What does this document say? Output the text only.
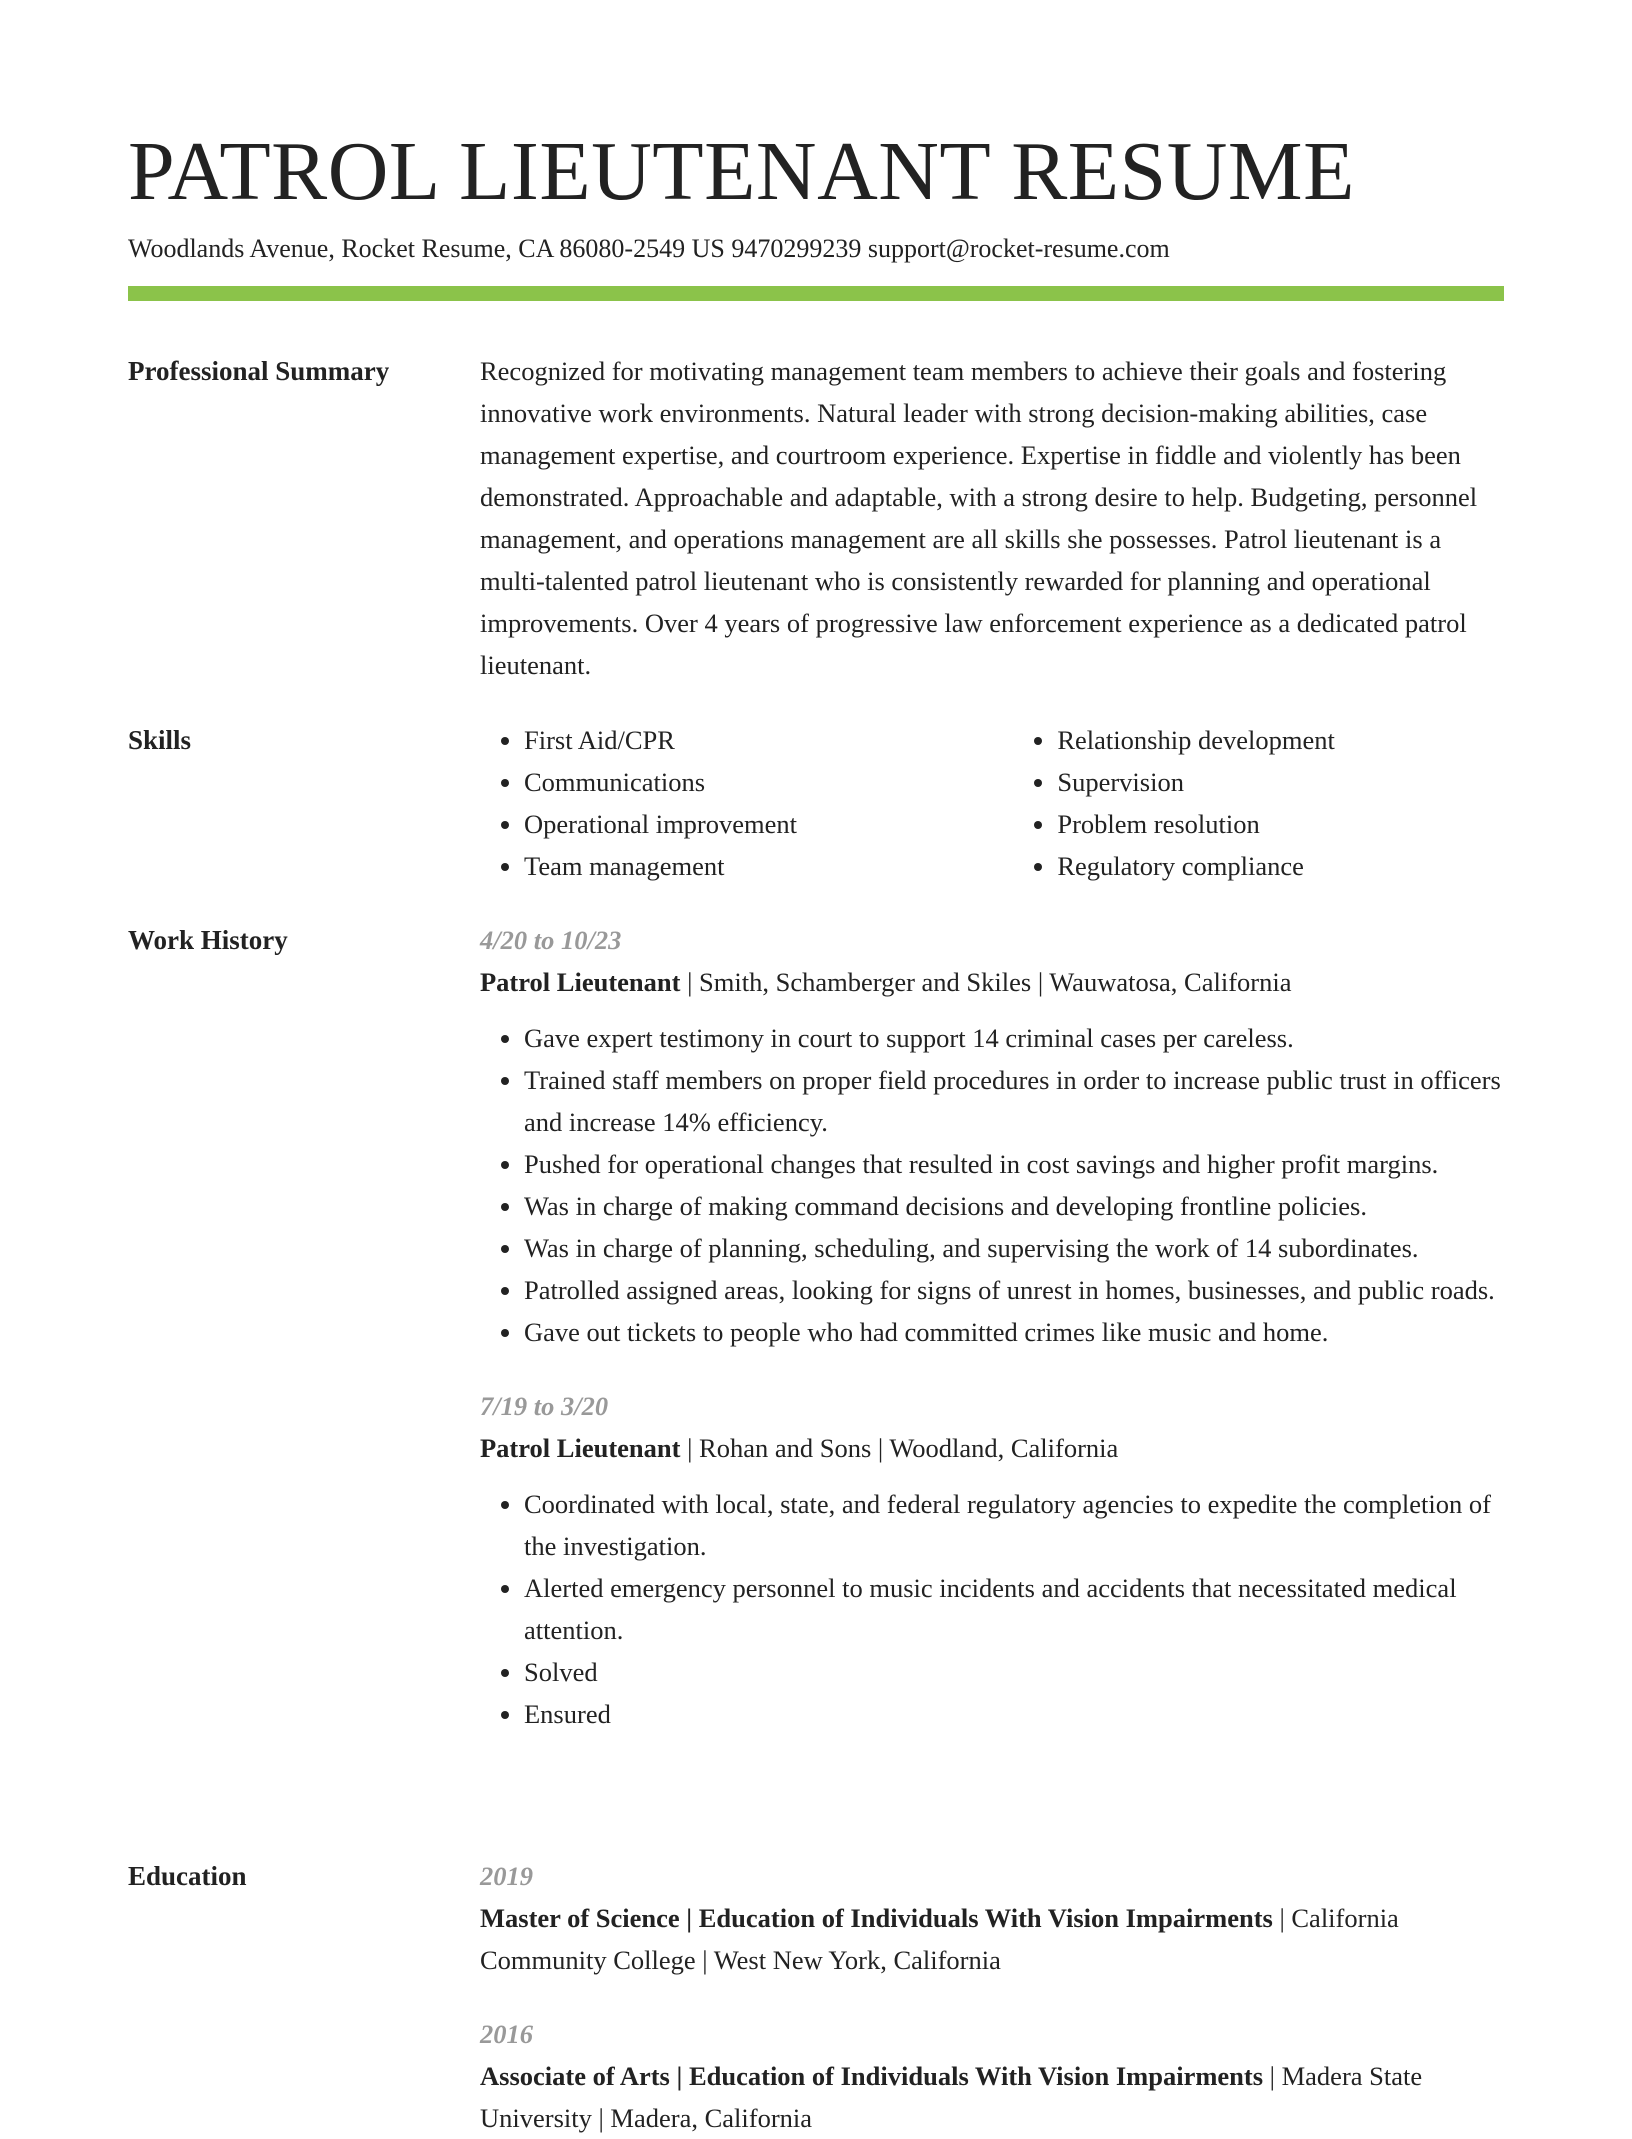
PATROL LIEUTENANT RESUME
Woodlands Avenue, Rocket Resume, CA 86080-2549 US 9470299239 support@rocket-resume.com
Professional Summary	Recognized for motivating management team members to achieve their goals and fostering innovative work environments. Natural leader with strong decision-making abilities, case management expertise, and courtroom experience. Expertise in fiddle and violently has been demonstrated. Approachable and adaptable, with a strong desire to help. Budgeting, personnel management, and operations management are all skills she possesses. Patrol lieutenant is a multi-talented patrol lieutenant who is consistently rewarded for planning and operational improvements. Over 4 years of progressive law enforcement experience as a dedicated patrol lieutenant.

Skills
•	First Aid/CPR
• Communications
• Operational improvement
• Team management
• Relationship development
• Supervision
• Problem resolution
• Regulatory compliance
Work History	4/20 to 10/23
Patrol Lieutenant | Smith, Schamberger and Skiles | Wauwatosa, California
• Gave expert testimony in court to support 14 criminal cases per careless.
• Trained staff members on proper field procedures in order to increase public trust in officers and increase 14% efficiency.
• Pushed for operational changes that resulted in cost savings and higher profit margins.
• Was in charge of making command decisions and developing frontline policies.
• Was in charge of planning, scheduling, and supervising the work of 14 subordinates.
• Patrolled assigned areas, looking for signs of unrest in homes, businesses, and public roads.
• Gave out tickets to people who had committed crimes like music and home.
7/19 to 3/20
Patrol Lieutenant | Rohan and Sons | Woodland, California
• Coordinated with local, state, and federal regulatory agencies to expedite the completion of the investigation.
• Alerted emergency personnel to music incidents and accidents that necessitated medical attention.
• Solved
• Ensured
Education	2019
Master of Science | Education of Individuals With Vision Impairments | California Community College | West New York, California
2016
Associate of Arts | Education of Individuals With Vision Impairments | Madera State University | Madera, California
